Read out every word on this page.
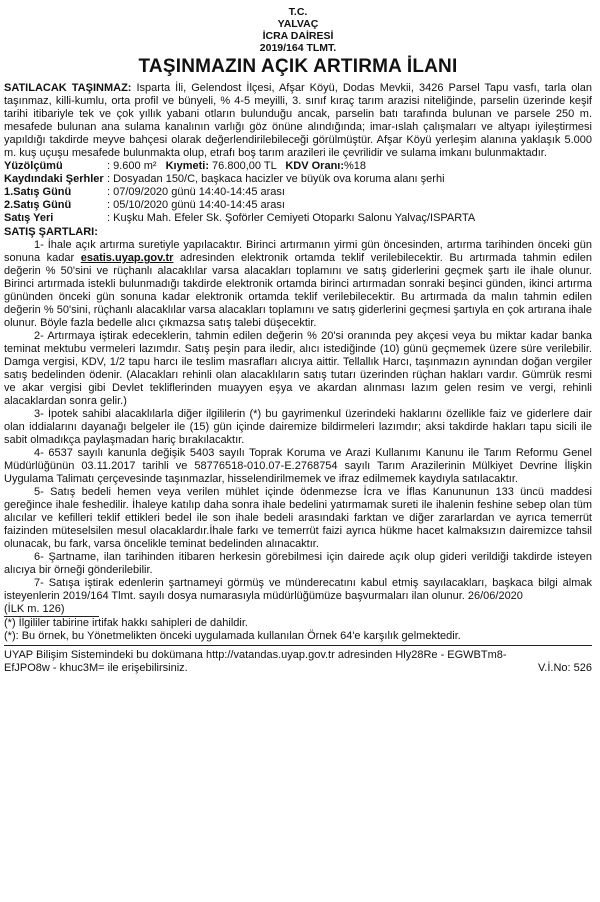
T.C.
YALVAÇ
İCRA DAİRESİ
2019/164 TLMT.
TAŞINMAZIN AÇIK ARTIRMA İLANI

SATILACAK TAŞINMAZ: Isparta İli, Gelendost İlçesi, Afşar Köyü, Dodas Mevkii, 3426 Parsel Tapu vasfı, tarla olan taşınmaz, killi-kumlu, orta profil ve bünyeli, % 4-5 meyilli, 3. sınıf kıraç tarım arazisi niteliğinde, parselin üzerinde keşif tarihi itibariyle tek ve çok yıllık yabani otların bulunduğu ancak, parselin batı tarafında bulunan ve parsele 250 m. mesafede bulunan ana sulama kanalının varlığı göz önüne alındığında; imar-ıslah çalışmaları ve altyapı iyileştirmesi yapıldığı takdirde meyve bahçesi olarak değerlendirilebileceği görülmüştür. Afşar Köyü yerleşim alanına yaklaşık 5.000 m. kuş uçuşu mesafede bulunmakta olup, etrafı boş tarım arazileri ile çevrilidir ve sulama imkanı bulunmaktadır.

Yüzölçümü	: 9.600 m² Kıymeti: 76.800,00 TL KDV Oranı:%18
Kaydındaki Şerhler : Dosyadan 150/C, başkaca hacizler ve büyük ova koruma alanı şerhi
1.Satış Günü	: 07/09/2020 günü 14:40-14:45 arası
2.Satış Günü	: 05/10/2020 günü 14:40-14:45 arası
Satış Yeri	: Kuşku Mah. Efeler Sk. Şoförler Cemiyeti Otoparkı Salonu Yalvaç/ISPARTA
SATIŞ ŞARTLARI:

1- İhale açık artırma suretiyle yapılacaktır. Birinci artırmanın yirmi gün öncesinden, artırma tarihinden önceki gün sonuna kadar esatis.uyap.gov.tr adresinden elektronik ortamda teklif verilebilecektir. Bu artırmada tahmin edilen değerin % 50'sini ve rüçhanlı alacaklılar varsa alacakları toplamını ve satış giderlerini geçmek şartı ile ihale olunur. Birinci artırmada istekli bulunmadığı takdirde elektronik ortamda birinci artırmadan sonraki beşinci günden, ikinci artırma gününden önceki gün sonuna kadar elektronik ortamda teklif verilebilecektir. Bu artırmada da malın tahmin edilen değerin % 50'sini, rüçhanlı alacaklılar varsa alacakları toplamını ve satış giderlerini geçmesi şartıyla en çok artırana ihale olunur. Böyle fazla bedelle alıcı çıkmazsa satış talebi düşecektir.

2- Artırmaya iştirak edeceklerin, tahmin edilen değerin % 20'si oranında pey akçesi veya bu miktar kadar banka teminat mektubu vermeleri lazımdır. Satış peşin para iledir, alıcı istediğinde (10) günü geçmemek üzere süre verilebilir. Damga vergisi, KDV, 1/2 tapu harcı ile teslim masrafları alıcıya aittir. Tellallık Harcı, taşınmazın aynından doğan vergiler satış bedelinden ödenir. (Alacakları rehinli olan alacaklıların satış tutarı üzerinden rüçhan hakları vardır. Gümrük resmi ve akar vergisi gibi Devlet tekliflerinden muayyen eşya ve akardan alınması lazım gelen resim ve vergi, rehinli alacaklardan sonra gelir.)

3- İpotek sahibi alacaklılarla diğer ilgililerin (*) bu gayrimenkul üzerindeki haklarını özellikle faiz ve giderlere dair olan iddialarını dayanağı belgeler ile (15) gün içinde dairemize bildirmeleri lazımdır; aksi takdirde hakları tapu sicili ile sabit olmadıkça paylaşmadan hariç bırakılacaktır.

4- 6537 sayılı kanunla değişik 5403 sayılı Toprak Koruma ve Arazi Kullanımı Kanunu ile Tarım Reformu Genel Müdürlüğünün 03.11.2017 tarihli ve 58776518-010.07-E.2768754 sayılı Tarım Arazilerinin Mülkiyet Devrine İlişkin Uygulama Talimatı çerçevesinde taşınmazlar, hisselendirilmemek ve ifraz edilmemek kaydıyla satılacaktır.

5- Satış bedeli hemen veya verilen mühlet içinde ödenmezse İcra ve İflas Kanununun 133 üncü maddesi gereğince ihale feshedilir. İhaleye katılıp daha sonra ihale bedelini yatırmamak sureti ile ihalenin feshine sebep olan tüm alıcılar ve kefilleri teklif ettikleri bedel ile son ihale bedeli arasındaki farktan ve diğer zararlardan ve ayrıca temerrüt faizinden müteselsilen mesul olacaklardır.İhale farkı ve temerrüt faizi ayrıca hükme hacet kalmaksızın dairemizce tahsil olunacak, bu fark, varsa öncelikle teminat bedelinden alınacaktır.

6- Şartname, ilan tarihinden itibaren herkesin görebilmesi için dairede açık olup gideri verildiği takdirde isteyen alıcıya bir örneği gönderilebilir.

7- Satışa iştirak edenlerin şartnameyi görmüş ve münderecatını kabul etmiş sayılacakları, başkaca bilgi almak isteyenlerin 2019/164 Tlmt. sayılı dosya numarasıyla müdürlüğümüze başvurmaları ilan olunur. 26/06/2020

(İLK m. 126)

(*) İlgililer tabirine irtifak hakkı sahipleri de dahildir.

(*): Bu örnek, bu Yönetmelikten önceki uygulamada kullanılan Örnek 64'e karşılık gelmektedir.

UYAP Bilişim Sistemindeki bu dokümana http://vatandas.uyap.gov.tr adresinden Hly28Re - EGWBTm8-

EfJPO8w - khuc3M= ile erişebilirsiniz.	V.İ.No: 526
